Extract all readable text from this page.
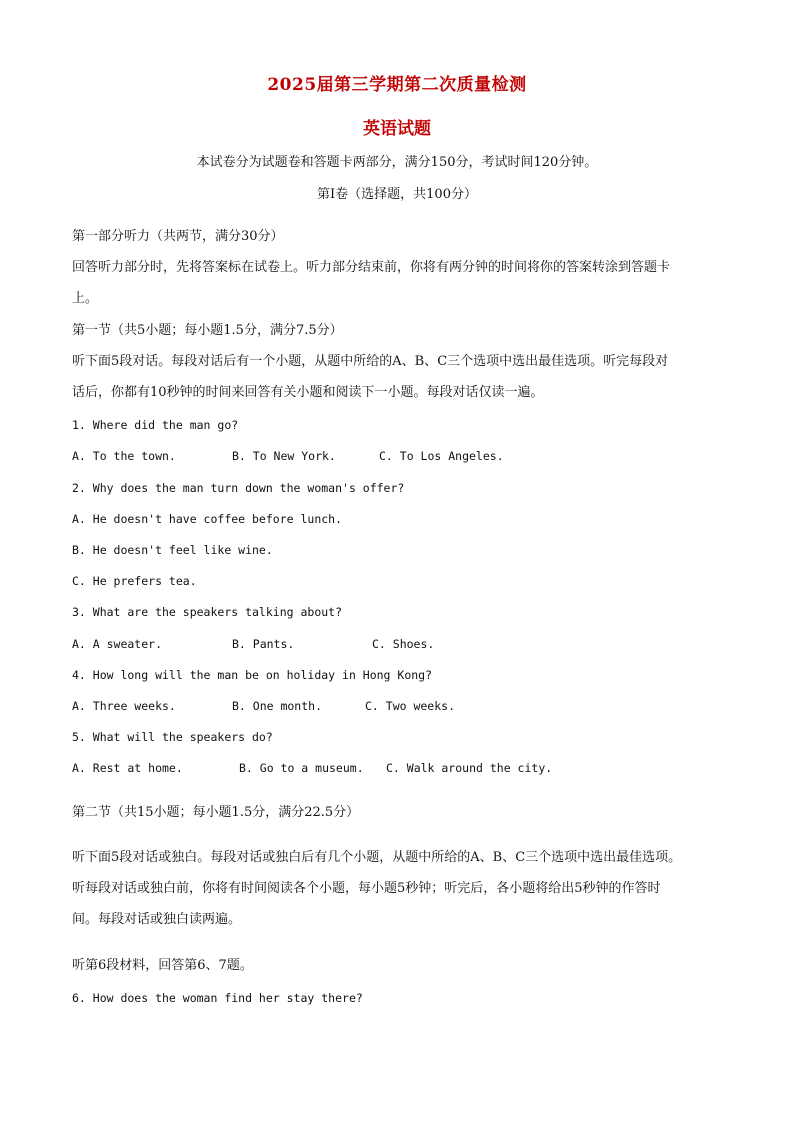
2025届第三学期第二次质量检测
英语试题
本试卷分为试题卷和答题卡两部分，满分150分，考试时间120分钟。
第I卷（选择题，共100分）
第一部分听力（共两节，满分30分）
回答听力部分时，先将答案标在试卷上。听力部分结束前，你将有两分钟的时间将你的答案转涂到答题卡
上。
第一节（共5小题；每小题1.5分，满分7.5分）
听下面5段对话。每段对话后有一个小题，从题中所给的A、B、C三个选项中选出最佳选项。听完每段对
话后，你都有10秒钟的时间来回答有关小题和阅读下一小题。每段对话仅读一遍。
1. Where did the man go?
A. To the town.	B. To New York.	C. To Los Angeles.
2. Why does the man turn down the woman's offer?
A. He doesn't have coffee before lunch.
B. He doesn't feel like wine.
C. He prefers tea.
3. What are the speakers talking about?
A. A sweater.	B. Pants.	C. Shoes.
4. How long will the man be on holiday in Hong Kong?
A. Three weeks.	B. One month.	C. Two weeks.
5. What will the speakers do?
A. Rest at home.	B. Go to a museum. C. Walk around the city.
第二节（共15小题；每小题1.5分，满分22.5分）
听下面5段对话或独白。每段对话或独白后有几个小题，从题中所给的A、B、C三个选项中选出最佳选项。
听每段对话或独白前，你将有时间阅读各个小题，每小题5秒钟；听完后，各小题将给出5秒钟的作答时
间。每段对话或独白读两遍。
听第6段材料，回答第6、7题。
6. How does the woman find her stay there?
